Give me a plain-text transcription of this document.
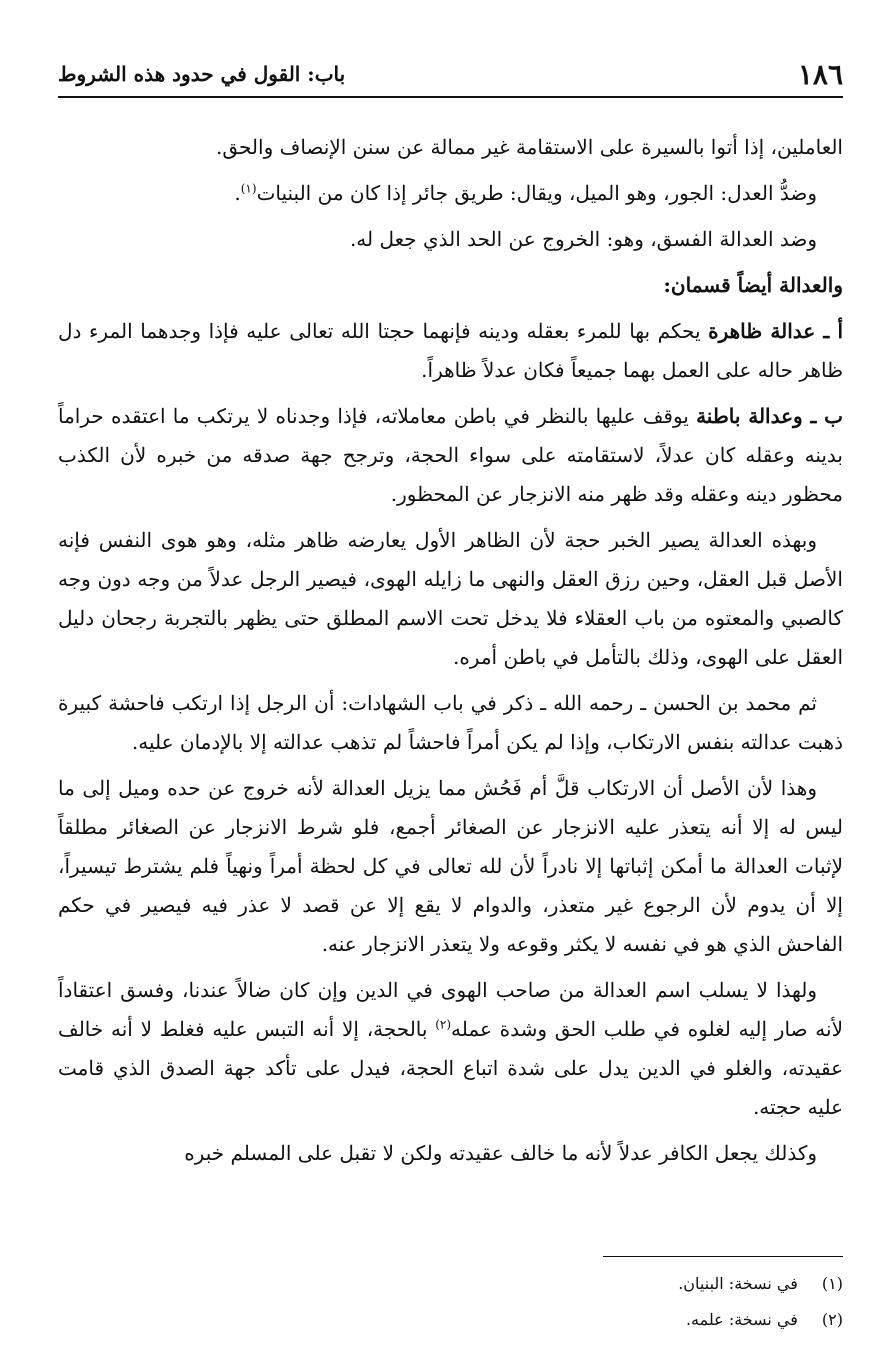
١٨٦
باب: القول في حدود هذه الشروط

العاملين، إذا أتوا بالسيرة على الاستقامة غير ممالة عن سنن الإنصاف والحق.

وضدُّ العدل: الجور، وهو الميل، ويقال: طريق جائر إذا كان من البنيات$^{(١)}$.

وضد العدالة الفسق، وهو: الخروج عن الحد الذي جعل له.

والعدالة أيضاً قسمان:

أ ـ عدالة ظاهرة يحكم بها للمرء بعقله ودينه فإنهما حجتا الله تعالى عليه فإذا وجدهما المرء دل ظاهر حاله على العمل بهما جميعاً فكان عدلاً ظاهراً.

ب ـ وعدالة باطنة يوقف عليها بالنظر في باطن معاملاته، فإذا وجدناه لا يرتكب ما اعتقده حراماً بدينه وعقله كان عدلاً، لاستقامته على سواء الحجة، وترجح جهة صدقه من خبره لأن الكذب محظور دينه وعقله وقد ظهر منه الانزجار عن المحظور.

وبهذه العدالة يصير الخبر حجة لأن الظاهر الأول يعارضه ظاهر مثله، وهو هوى النفس فإنه الأصل قبل العقل، وحين رزق العقل والنهى ما زايله الهوى، فيصير الرجل عدلاً من وجه دون وجه كالصبي والمعتوه من باب العقلاء فلا يدخل تحت الاسم المطلق حتى يظهر بالتجربة رجحان دليل العقل على الهوى، وذلك بالتأمل في باطن أمره.

ثم محمد بن الحسن ـ رحمه الله ـ ذكر في باب الشهادات: أن الرجل إذا ارتكب فاحشة كبيرة ذهبت عدالته بنفس الارتكاب، وإذا لم يكن أمراً فاحشاً لم تذهب عدالته إلا بالإدمان عليه.

وهذا لأن الأصل أن الارتكاب قلَّ أم فَحُش مما يزيل العدالة لأنه خروج عن حده وميل إلى ما ليس له إلا أنه يتعذر عليه الانزجار عن الصغائر أجمع، فلو شرط الانزجار عن الصغائر مطلقاً لإثبات العدالة ما أمكن إثباتها إلا نادراً لأن لله تعالى في كل لحظة أمراً ونهياً فلم يشترط تيسيراً، إلا أن يدوم لأن الرجوع غير متعذر، والدوام لا يقع إلا عن قصد لا عذر فيه فيصير في حكم الفاحش الذي هو في نفسه لا يكثر وقوعه ولا يتعذر الانزجار عنه.

ولهذا لا يسلب اسم العدالة من صاحب الهوى في الدين وإن كان ضالاً عندنا، وفسق اعتقاداً لأنه صار إليه لغلوه في طلب الحق وشدة عمله$^{(٢)}$ بالحجة، إلا أنه التبس عليه فغلط لا أنه خالف عقيدته، والغلو في الدين يدل على شدة اتباع الحجة، فيدل على تأكد جهة الصدق الذي قامت عليه حجته.

وكذلك يجعل الكافر عدلاً لأنه ما خالف عقيدته ولكن لا تقبل على المسلم خبره

(١) في نسخة: البنيان.
(٢) في نسخة: علمه.
